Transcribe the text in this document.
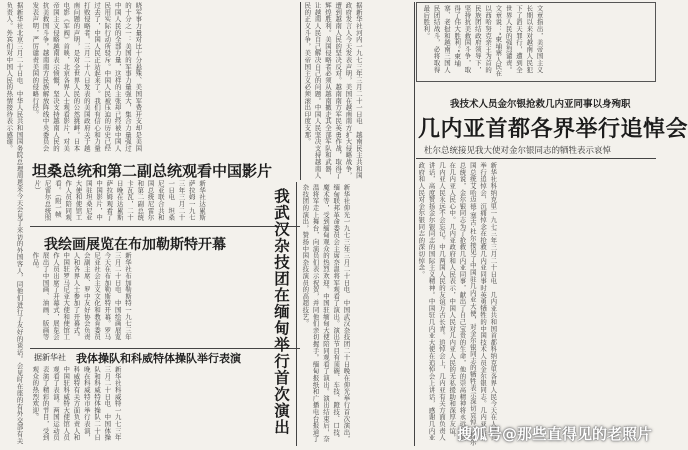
据新华社北京三月二十日电　中华人民共和国国务院总理周恩来今天会见了来访的外国客人，同他们进行了友好的谈话。会见时在座的有外交部有关负责人。外宾们对中国人民的热情接待表示感谢。	晓军事力量对比十分悬殊、美国军费开支却是美国的十分之一：美国的军事力量强大，集合力量强过中国人民的全部力量，这样的主张却已经被中国人民用实际行动所驳斥。中国人民被压迫的历史已经过去了，中国人民正站起来了。我们有信心和力量打败侵略者。三月二十八日发表的美国政府关于越南问题的声明，是对全世界人民的公然挑衅。日本电影《军阀》首映，北京各界人士观看影片，对美帝国主义侵略越南表示愤慨，坚决支持越南人民的抗美救国斗争。越南南方民族解放阵线中央委员会发表声明，严厉谴责美国的侵略行径。	据新华社河内一九七三年三月二十一日电　越南民主共和国政府发言人今天发表声明，美国在越南南方扩大侵略战争，遭到越南人民的坚决反对。越南南方军民英勇作战，取得了辉煌胜利。美国侵略者必须从越南撤走其全部军队和武器，让越南人民自己解决自己的问题。中国人民坚决支持越南人民的正义斗争，美帝国主义必须滚出印度支那。	文章指出，美帝国主义长期以来对越南人民犯下了滔天罪行，遭到全世界人民的强烈谴责。文章说：“柬埔寨人民在以西哈努克亲王为首的民族团结政府领导下，坚持抗美救国斗争，取得了伟大胜利。”柬埔寨、老挝和越南三国人民团结战斗，必将取得最后胜利。
我技术人员金尔银抢救几内亚同事以身殉职
几内亚首都各界举行追悼会
杜尔总统接见我大使对金尔银同志的牺牲表示哀悼
新华社科纳克里一九七三年三月二十日电　几内亚共和国首都科纳克里各界人民今天在人民宫举行追悼会，沉痛悼念在抢救几内亚同事时英勇牺牲的中国技术人员金尔银同志。几内亚共和国总统艾哈迈德·塞古·杜尔接见了中国驻几内亚大使，对金尔银同志的牺牲表示深切哀悼。杜尔总统说，金尔银同志为了抢救几内亚同事，献出了自己宝贵的生命，他的崇高精神将永远铭刻在几内亚人民心中。几内亚政府和人民表示，中国人民对几内亚人民的无私援助和深厚友谊，几内亚人民永远不会忘记。中几两国人民的友谊万古长青。追悼会上，几内亚有关方面负责人讲话，高度赞扬金尔银同志的国际主义精神。中国驻几内亚大使在追悼会上讲话，感谢几内亚政府和人民对金尔银同志的深切悼念。
坦桑总统和第二副总统观看中国影片
新华社达累斯萨拉姆一九七三年三月二十一日电　坦桑尼亚联合共和国总统尼雷尔和第二副总统卡瓦瓦，二十日晚在达累斯萨拉姆观看了中国影片，中国驻坦桑尼亚大使和使馆工作人员陪同观看。（附一帧尼雷尔总统照片）
我绘画展览在布加勒斯特开幕
新华社布加勒斯特一九七三年三月二十日电　中国绘画展览今天在布加勒斯特开幕。罗马尼亚社会主义文化和教育委员会副主席、罗中友好协会负责人和各界人士参加了开幕式。中国驻罗马尼亚大使和使馆工作人员出席了开幕式，展览会展出了中国画、油画、版画等作品。
据新华社 我体操队和科威特体操队举行表演
新华社科威特一九七三年三月二十日电　中国体操队和科威特体操队二十日晚在科威特市举行表演，科威特有关方面负责人和中国驻科威特大使馆人员观看了表演。两国运动员表演了精彩的节目，受到观众的热烈欢迎。	我武汉杂技团在缅甸举行首次演出	新华社仰光一九七三年三月二十日电　中国武汉杂技团二十日晚在仰光举行首次演出，缅甸联邦革命委员会主席奈温将军观看了演出。演出节目有顶碗、车技、蹬技、口技、魔术等，受到缅甸观众的热烈欢迎。中国驻缅甸大使陪同观看了演出。演出结束后，奈温将军走上舞台，向演员们表示祝贺，并同他们亲切握手。缅甸报纸和广播电台报道了杂技团的演出，赞扬中国杂技演员的高超技艺。
搜狐号@那些直得见的老照片
